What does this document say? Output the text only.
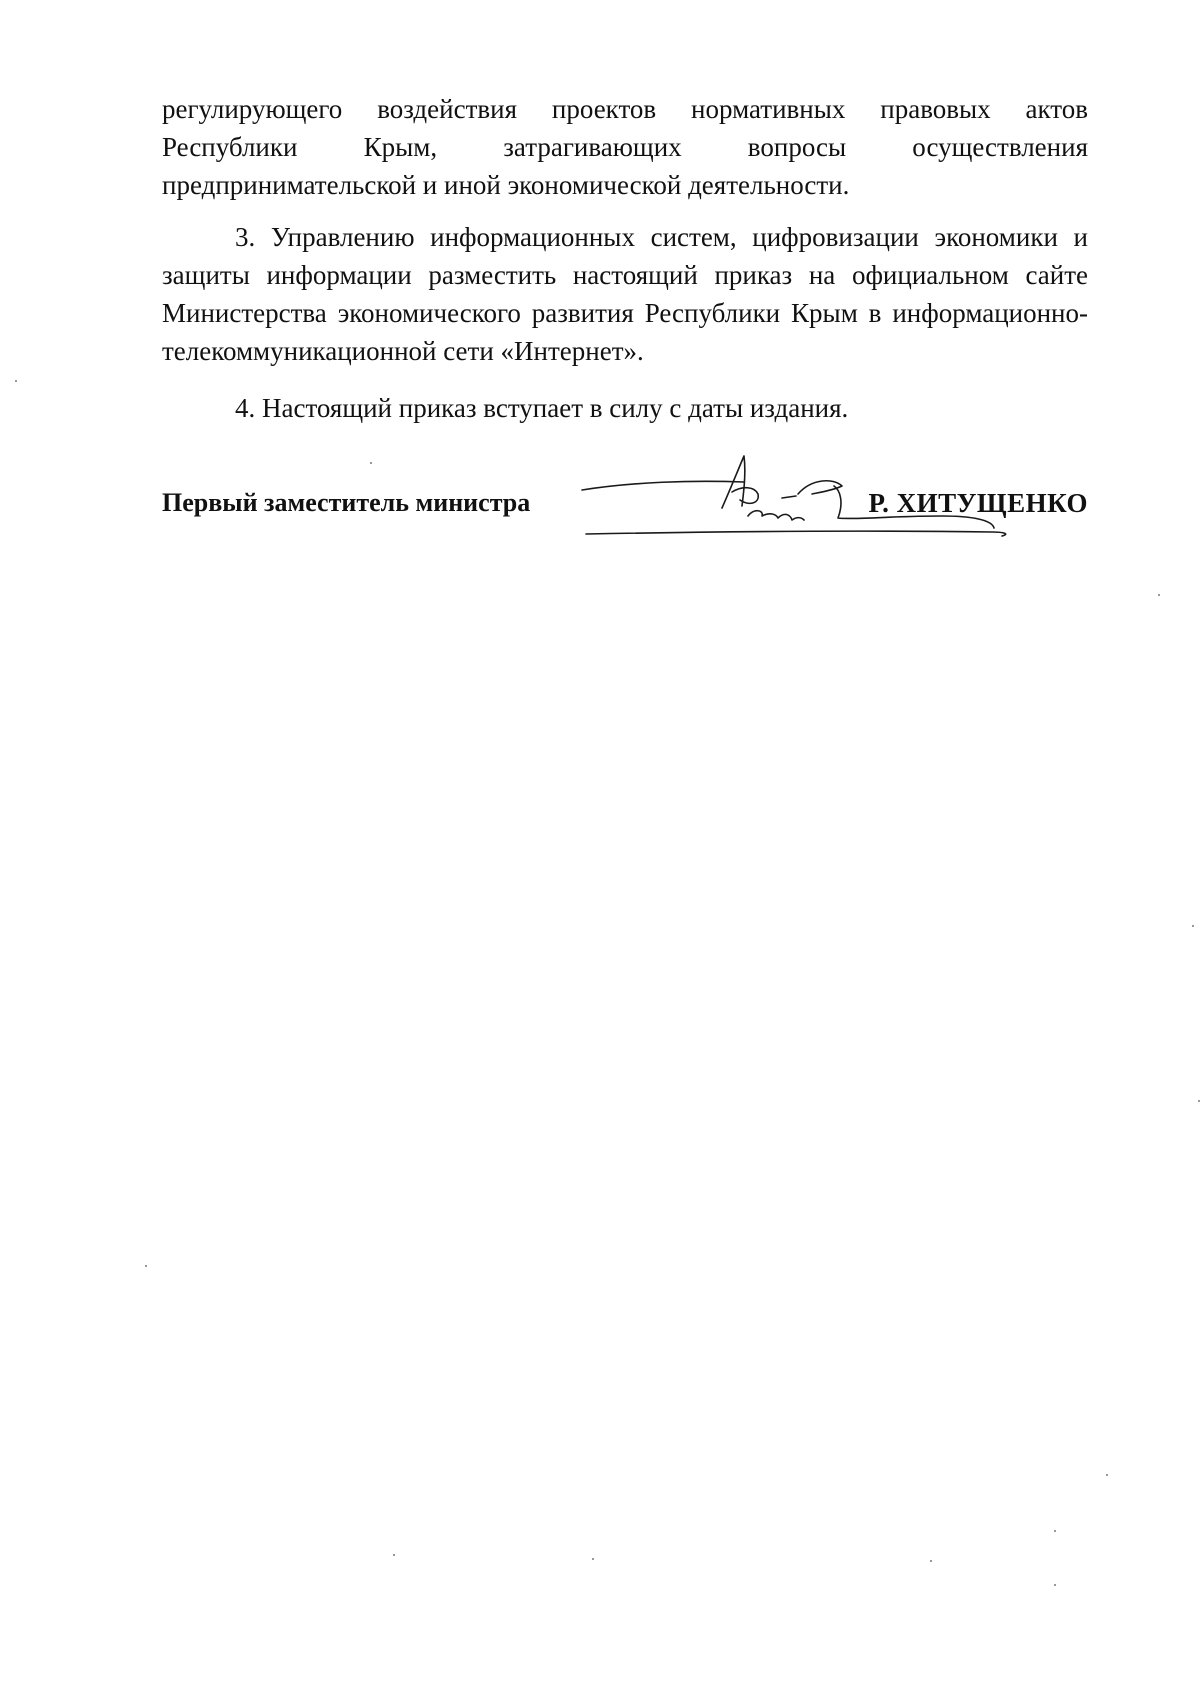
регулирующего воздействия проектов нормативных правовых актов Республики Крым, затрагивающих вопросы осуществления предпринимательской и иной экономической деятельности.

3. Управлению информационных систем, цифровизации экономики и защиты информации разместить настоящий приказ на официальном сайте Министерства экономического развития Республики Крым в информационно-телекоммуникационной сети «Интернет».

4. Настоящий приказ вступает в силу с даты издания.

Первый заместитель министра	Р. ХИТУЩЕНКО
